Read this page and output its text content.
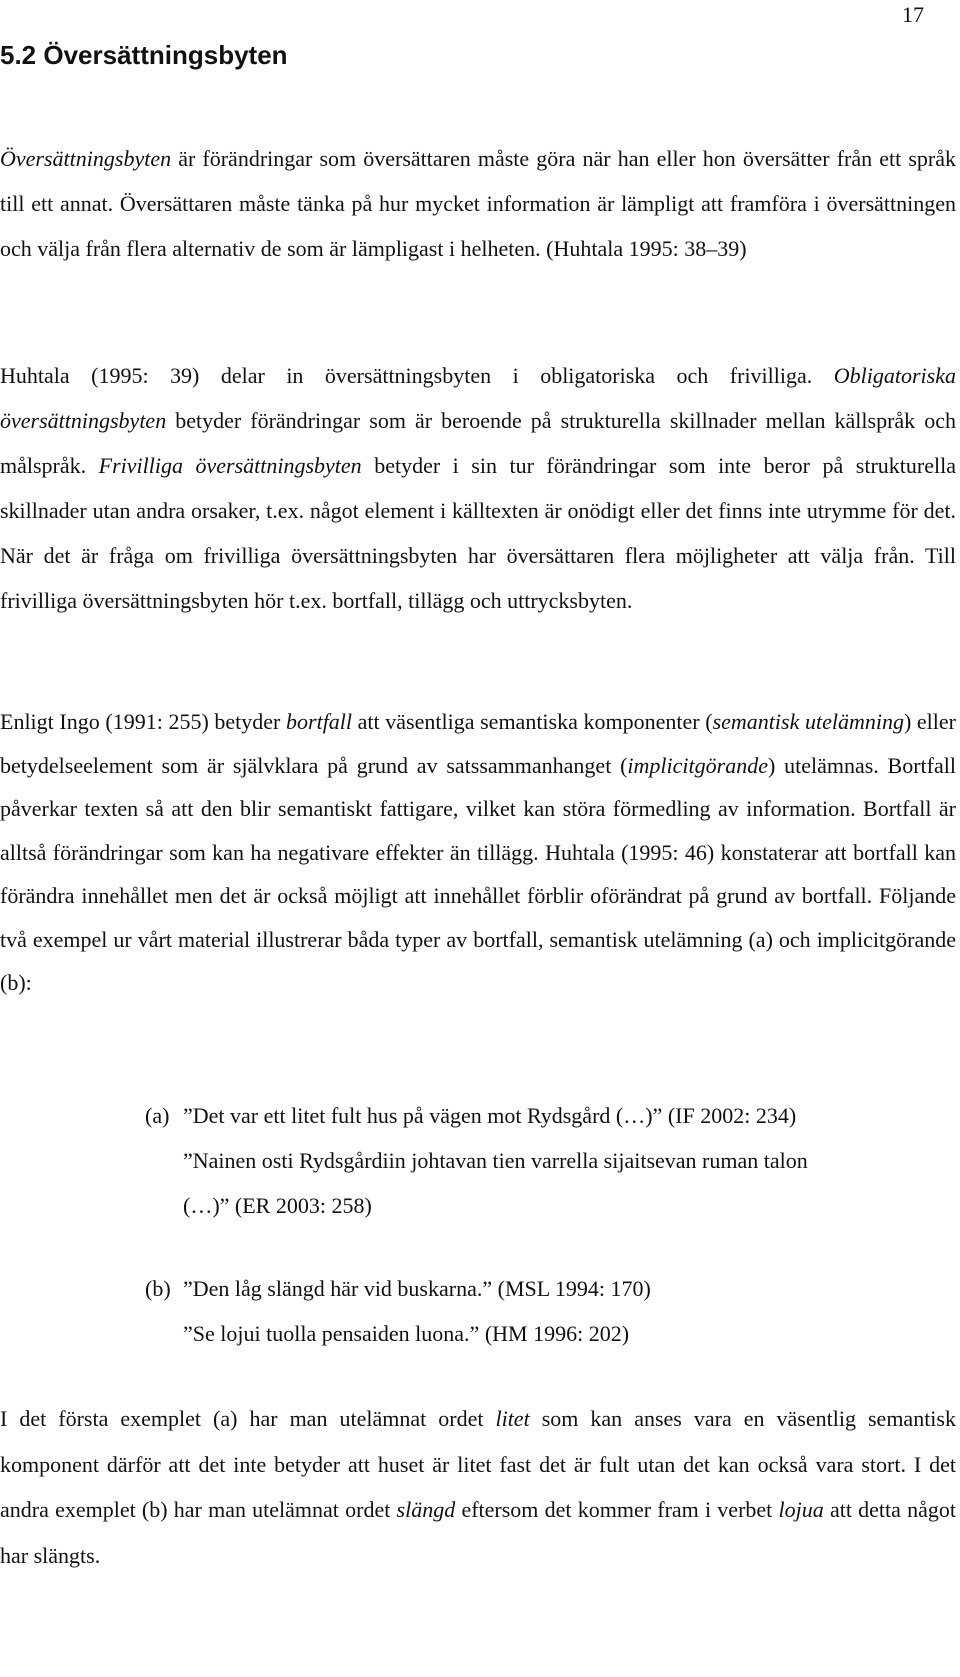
17
5.2 Översättningsbyten

Översättningsbyten är förändringar som översättaren måste göra när han eller hon översätter från ett språk till ett annat. Översättaren måste tänka på hur mycket information är lämpligt att framföra i översättningen och välja från flera alternativ de som är lämpligast i helheten. (Huhtala 1995: 38–39)

Huhtala (1995: 39) delar in översättningsbyten i obligatoriska och frivilliga. Obligatoriska översättningsbyten betyder förändringar som är beroende på strukturella skillnader mellan källspråk och målspråk. Frivilliga översättningsbyten betyder i sin tur förändringar som inte beror på strukturella skillnader utan andra orsaker, t.ex. något element i källtexten är onödigt eller det finns inte utrymme för det. När det är fråga om frivilliga översättningsbyten har översättaren flera möjligheter att välja från. Till frivilliga översättningsbyten hör t.ex. bortfall, tillägg och uttrycksbyten.

Enligt Ingo (1991: 255) betyder bortfall att väsentliga semantiska komponenter (semantisk utelämning) eller betydelseelement som är självklara på grund av satssammanhanget (implicitgörande) utelämnas. Bortfall påverkar texten så att den blir semantiskt fattigare, vilket kan störa förmedling av information. Bortfall är alltså förändringar som kan ha negativare effekter än tillägg. Huhtala (1995: 46) konstaterar att bortfall kan förändra innehållet men det är också möjligt att innehållet förblir oförändrat på grund av bortfall. Följande två exempel ur vårt material illustrerar båda typer av bortfall, semantisk utelämning (a) och implicitgörande (b):

(a) ”Det var ett litet fult hus på vägen mot Rydsgård (…)” (IF 2002: 234)
”Nainen osti Rydsgårdiin johtavan tien varrella sijaitsevan ruman talon
(…)” (ER 2003: 258)
(b) ”Den låg slängd här vid buskarna.” (MSL 1994: 170)
”Se lojui tuolla pensaiden luona.” (HM 1996: 202)

I det första exemplet (a) har man utelämnat ordet litet som kan anses vara en väsentlig semantisk komponent därför att det inte betyder att huset är litet fast det är fult utan det kan också vara stort. I det andra exemplet (b) har man utelämnat ordet slängd eftersom det kommer fram i verbet lojua att detta något har slängts.
